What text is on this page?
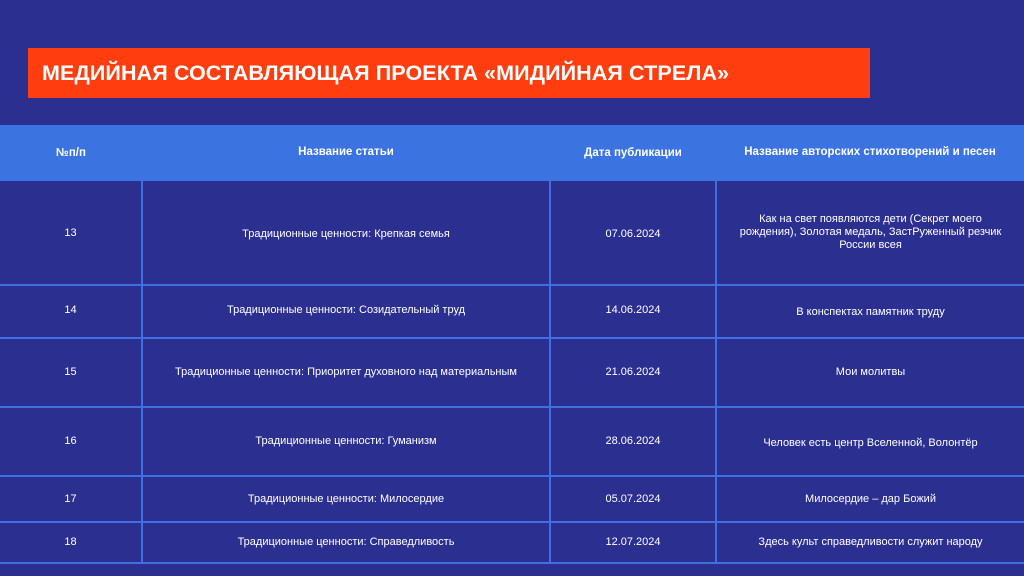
МЕДИЙНАЯ СОСТАВЛЯЮЩАЯ ПРОЕКТА «МИДИЙНАЯ СТРЕЛА»
№п/п	Название статьи	Дата публикации	Название авторских стихотворений и песен
13	Традиционные ценности: Крепкая семья	07.06.2024	Как на свет появляются дети (Секрет моего рождения), Золотая медаль, ЗастРуженный резчик России всея
14	Традиционные ценности: Созидательный труд	14.06.2024	В конспектах памятник труду
15	Традиционные ценности: Приоритет духовного над материальным	21.06.2024	Мои молитвы
16	Традиционные ценности: Гуманизм	28.06.2024	Человек есть центр Вселенной, Волонтёр
17	Традиционные ценности: Милосердие	05.07.2024	Милосердие – дар Божий
18	Традиционные ценности: Справедливость	12.07.2024	Здесь культ справедливости служит народу
